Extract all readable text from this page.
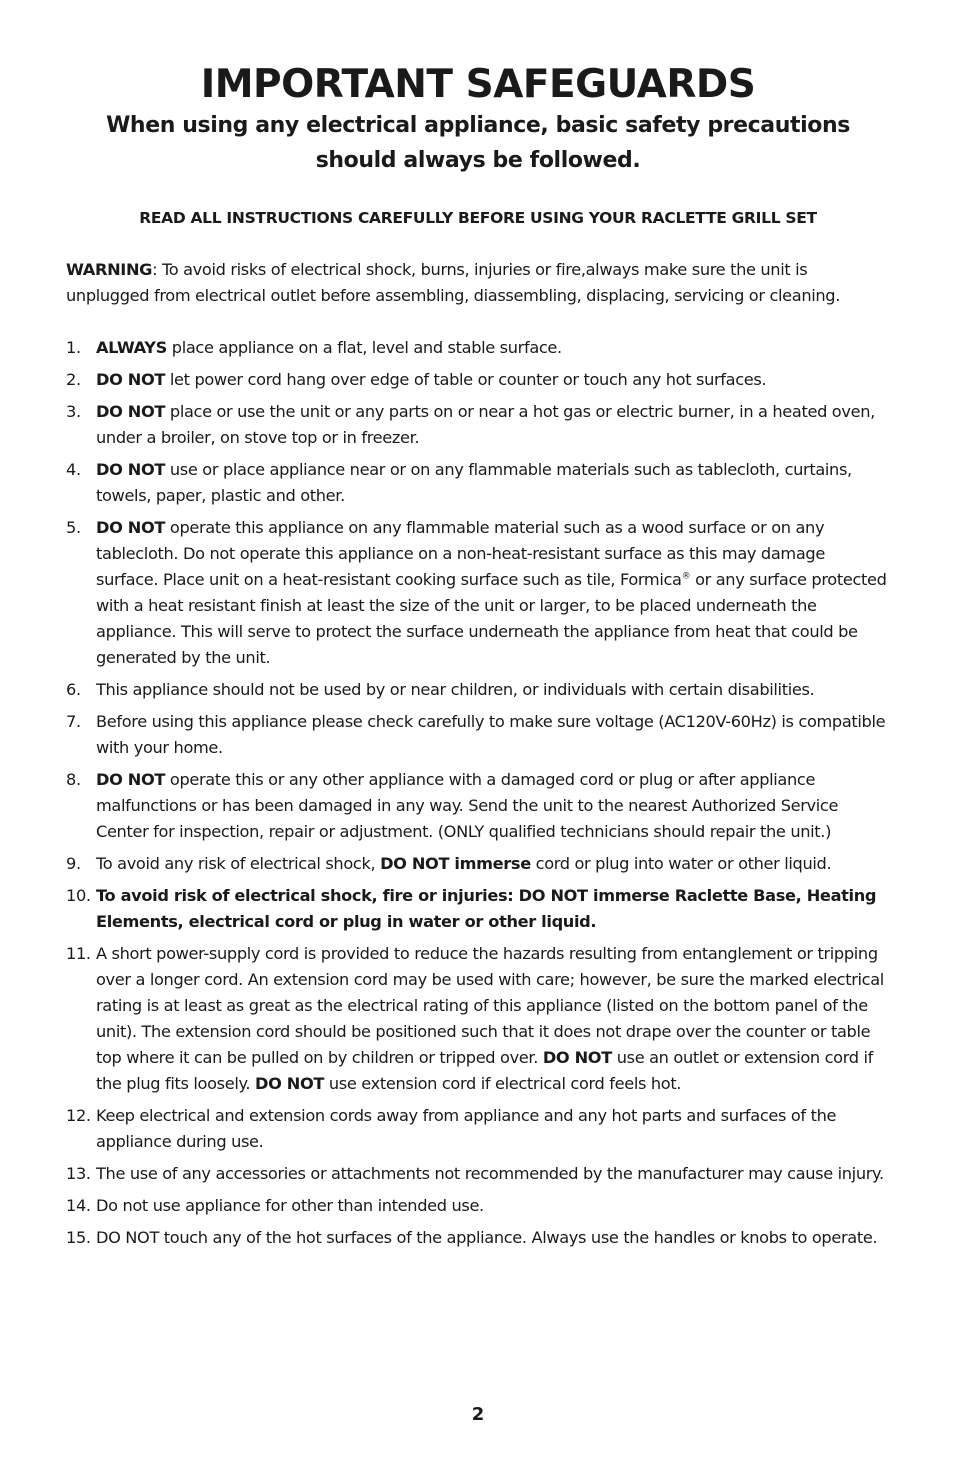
IMPORTANT SAFEGUARDS
When using any electrical appliance, basic safety precautions
should always be followed.
READ ALL INSTRUCTIONS CAREFULLY BEFORE USING YOUR RACLETTE GRILL SET

WARNING: To avoid risks of electrical shock, burns, injuries or fire,always make sure the unit is unplugged from electrical outlet before assembling, diassembling, displacing, servicing or cleaning.

1. ALWAYS place appliance on a flat, level and stable surface.
2. DO NOT let power cord hang over edge of table or counter or touch any hot surfaces.
3. DO NOT place or use the unit or any parts on or near a hot gas or electric burner, in a heated oven, under a broiler, on stove top or in freezer.
4. DO NOT use or place appliance near or on any flammable materials such as tablecloth, curtains, towels, paper, plastic and other.
5. DO NOT operate this appliance on any flammable material such as a wood surface or on any tablecloth. Do not operate this appliance on a non-heat-resistant surface as this may damage surface. Place unit on a heat-resistant cooking surface such as tile, Formica® or any surface protected with a heat resistant finish at least the size of the unit or larger, to be placed underneath the appliance. This will serve to protect the surface underneath the appliance from heat that could be generated by the unit.
6. This appliance should not be used by or near children, or individuals with certain disabilities.
7. Before using this appliance please check carefully to make sure voltage (AC120V-60Hz) is compatible with your home.
8. DO NOT operate this or any other appliance with a damaged cord or plug or after appliance malfunctions or has been damaged in any way. Send the unit to the nearest Authorized Service Center for inspection, repair or adjustment. (ONLY qualified technicians should repair the unit.)
9. To avoid any risk of electrical shock, DO NOT immerse cord or plug into water or other liquid.
10. To avoid risk of electrical shock, fire or injuries: DO NOT immerse Raclette Base, Heating Elements, electrical cord or plug in water or other liquid.
11. A short power-supply cord is provided to reduce the hazards resulting from entanglement or tripping over a longer cord. An extension cord may be used with care; however, be sure the marked electrical rating is at least as great as the electrical rating of this appliance (listed on the bottom panel of the unit). The extension cord should be positioned such that it does not drape over the counter or table top where it can be pulled on by children or tripped over. DO NOT use an outlet or extension cord if the plug fits loosely. DO NOT use extension cord if electrical cord feels hot.
12. Keep electrical and extension cords away from appliance and any hot parts and surfaces of the appliance during use.
13. The use of any accessories or attachments not recommended by the manufacturer may cause injury.
14. Do not use appliance for other than intended use.
15. DO NOT touch any of the hot surfaces of the appliance. Always use the handles or knobs to operate.
2
